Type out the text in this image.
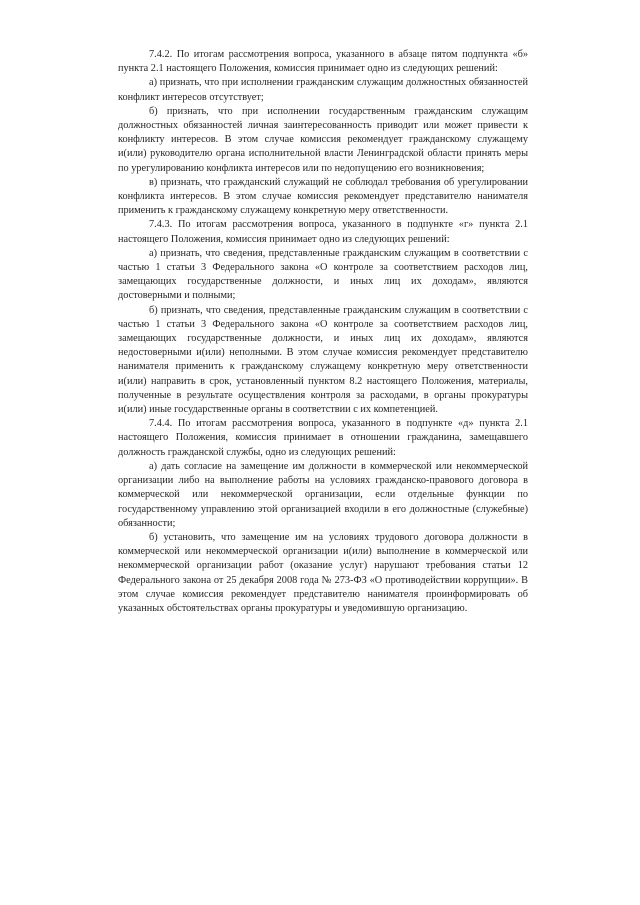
7.4.2. По итогам рассмотрения вопроса, указанного в абзаце пятом подпункта «б» пункта 2.1 настоящего Положения, комиссия принимает одно из следующих решений:

а) признать, что при исполнении гражданским служащим должностных обязанностей конфликт интересов отсутствует;

б) признать, что при исполнении государственным гражданским служащим должностных обязанностей личная заинтересованность приводит или может привести к конфликту интересов. В этом случае комиссия рекомендует гражданскому служащему и(или) руководителю органа исполнительной власти Ленинградской области принять меры по урегулированию конфликта интересов или по недопущению его возникновения;

в) признать, что гражданский служащий не соблюдал требования об урегулировании конфликта интересов. В этом случае комиссия рекомендует представителю нанимателя применить к гражданскому служащему конкретную меру ответственности.

7.4.3. По итогам рассмотрения вопроса, указанного в подпункте «г» пункта 2.1 настоящего Положения, комиссия принимает одно из следующих решений:

а) признать, что сведения, представленные гражданским служащим в соответствии с частью 1 статьи 3 Федерального закона «О контроле за соответствием расходов лиц, замещающих государственные должности, и иных лиц их доходам», являются достоверными и полными;

б) признать, что сведения, представленные гражданским служащим в соответствии с частью 1 статьи 3 Федерального закона «О контроле за соответствием расходов лиц, замещающих государственные должности, и иных лиц их доходам», являются недостоверными и(или) неполными. В этом случае комиссия рекомендует представителю нанимателя применить к гражданскому служащему конкретную меру ответственности и(или) направить в срок, установленный пунктом 8.2 настоящего Положения, материалы, полученные в результате осуществления контроля за расходами, в органы прокуратуры и(или) иные государственные органы в соответствии с их компетенцией.

7.4.4. По итогам рассмотрения вопроса, указанного в подпункте «д» пункта 2.1 настоящего Положения, комиссия принимает в отношении гражданина, замещавшего должность гражданской службы, одно из следующих решений:

а) дать согласие на замещение им должности в коммерческой или некоммерческой организации либо на выполнение работы на условиях гражданско-правового договора в коммерческой или некоммерческой организации, если отдельные функции по государственному управлению этой организацией входили в его должностные (служебные) обязанности;

б) установить, что замещение им на условиях трудового договора должности в коммерческой или некоммерческой организации и(или) выполнение в коммерческой или некоммерческой организации работ (оказание услуг) нарушают требования статьи 12 Федерального закона от 25 декабря 2008 года № 273-ФЗ «О противодействии коррупции». В этом случае комиссия рекомендует представителю нанимателя проинформировать об указанных обстоятельствах органы прокуратуры и уведомившую организацию.
